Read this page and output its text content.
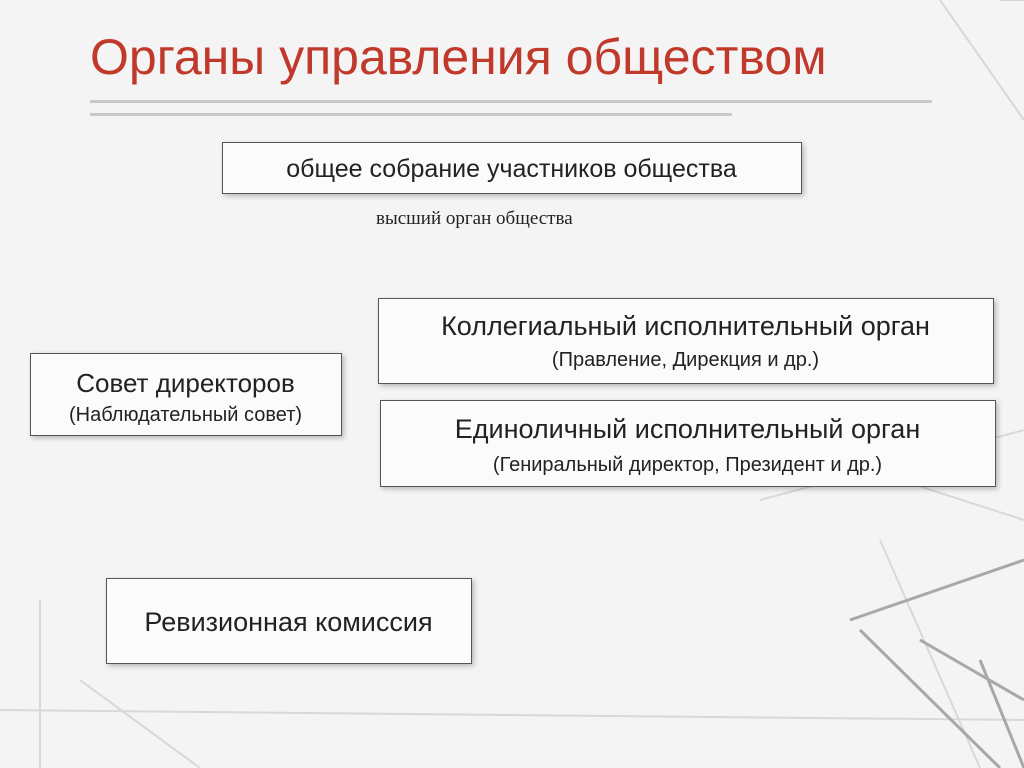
Органы управления обществом
общее собрание участников общества
высший орган общества
Коллегиальный исполнительный орган
(Правление, Дирекция и др.)
Совет директоров
(Наблюдательный совет)	Единоличный исполнительный орган
(Гениральный директор, Президент и др.)
Ревизионная комиссия
